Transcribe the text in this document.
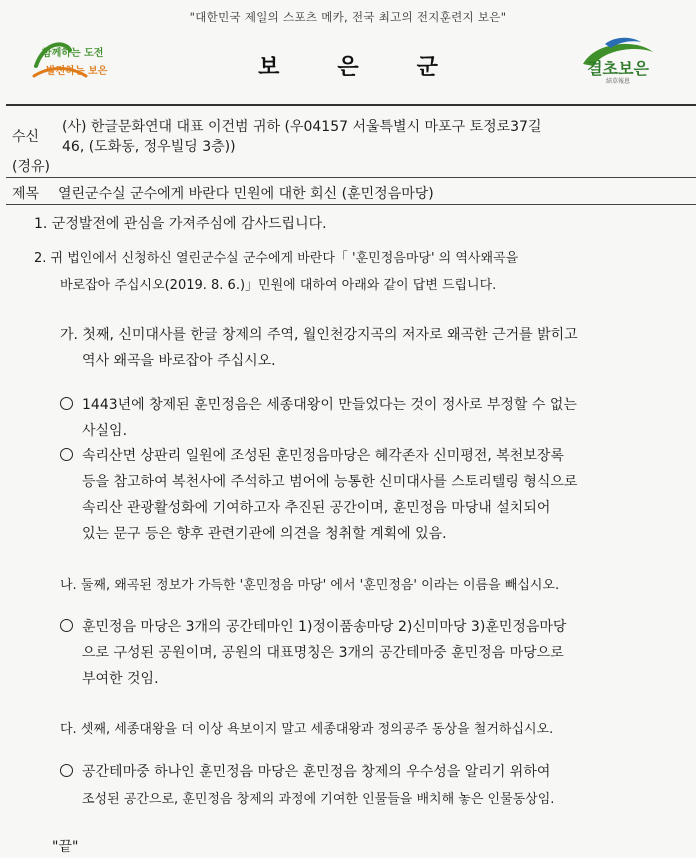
"대한민국 제일의 스포츠 메카, 전국 최고의 전지훈련지 보은"
함께하는 도전
발전하는 보은	보은군	결초보은
結草報恩
수신
(사) 한글문화연대 대표 이건범 귀하 (우04157 서울특별시 마포구 토정로37길
46, (도화동, 정우빌딩 3층))
(경유)
제목 열린군수실 군수에게 바란다 민원에 대한 회신 (훈민정음마당)
1. 군정발전에 관심을 가져주심에 감사드립니다.
2. 귀 법인에서 신청하신 열린군수실 군수에게 바란다「 '훈민정음마당' 의 역사왜곡을
바로잡아 주십시오(2019. 8. 6.)」민원에 대하여 아래와 같이 답변 드립니다.
가. 첫째, 신미대사를 한글 창제의 주역, 월인천강지곡의 저자로 왜곡한 근거를 밝히고
역사 왜곡을 바로잡아 주십시오.
1443년에 창제된 훈민정음은 세종대왕이 만들었다는 것이 정사로 부정할 수 없는
사실임.
속리산면 상판리 일원에 조성된 훈민정음마당은 혜각존자 신미평전, 복천보장록
등을 참고하여 복천사에 주석하고 범어에 능통한 신미대사를 스토리텔링 형식으로
속리산 관광활성화에 기여하고자 추진된 공간이며, 훈민정음 마당내 설치되어
있는 문구 등은 향후 관련기관에 의견을 청취할 계획에 있음.
나. 둘째, 왜곡된 정보가 가득한 '훈민정음 마당' 에서 '훈민정음' 이라는 이름을 빼십시오.
훈민정음 마당은 3개의 공간테마인 1)정이품송마당 2)신미마당 3)훈민정음마당
으로 구성된 공원이며, 공원의 대표명칭은 3개의 공간테마중 훈민정음 마당으로
부여한 것임.
다. 셋째, 세종대왕을 더 이상 욕보이지 말고 세종대왕과 정의공주 동상을 철거하십시오.
공간테마중 하나인 훈민정음 마당은 훈민정음 창제의 우수성을 알리기 위하여
조성된 공간으로, 훈민정음 창제의 과정에 기여한 인물들을 배치해 놓은 인물동상임.
"끝"
